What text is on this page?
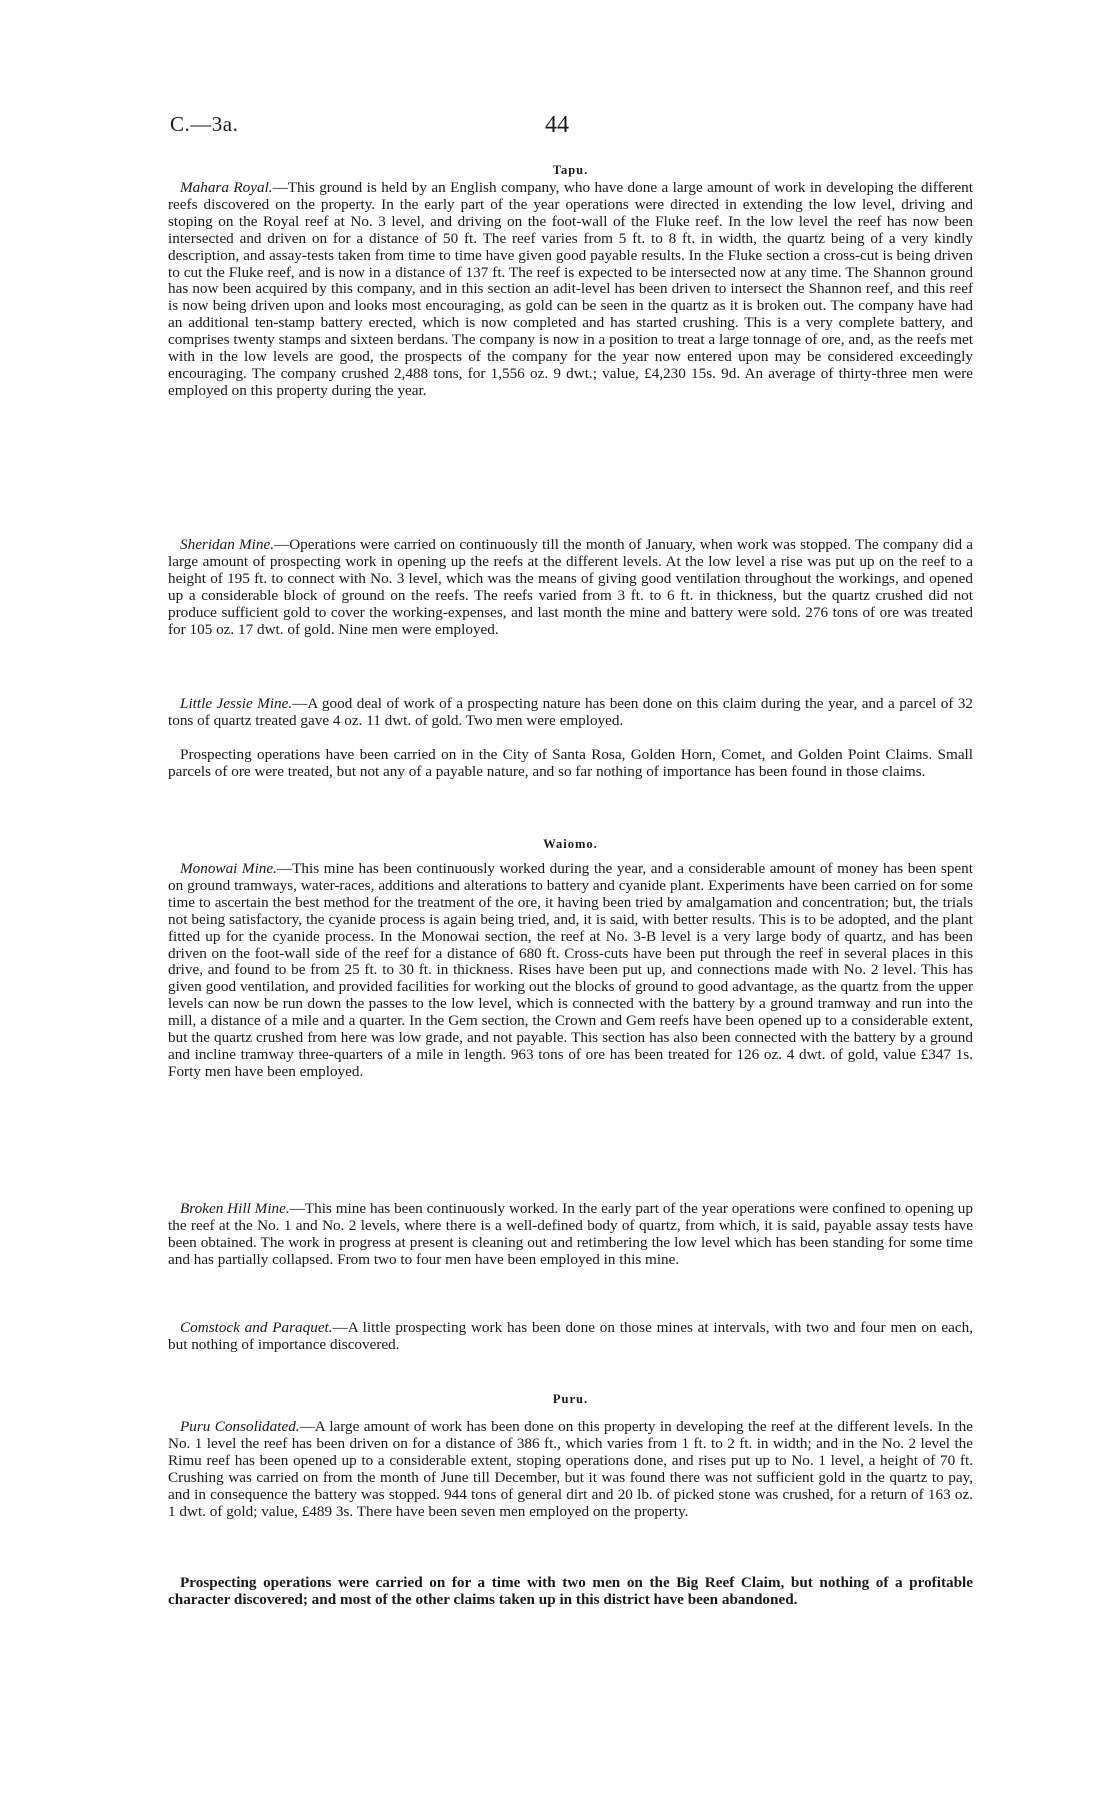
C.—3a.	44
Tapu.

Mahara Royal.—This ground is held by an English company, who have done a large amount of work in developing the different reefs discovered on the property. In the early part of the year operations were directed in extending the low level, driving and stoping on the Royal reef at No. 3 level, and driving on the foot-wall of the Fluke reef. In the low level the reef has now been intersected and driven on for a distance of 50 ft. The reef varies from 5 ft. to 8 ft. in width, the quartz being of a very kindly description, and assay-tests taken from time to time have given good payable results. In the Fluke section a cross-cut is being driven to cut the Fluke reef, and is now in a distance of 137 ft. The reef is expected to be intersected now at any time. The Shannon ground has now been acquired by this company, and in this section an adit-level has been driven to intersect the Shannon reef, and this reef is now being driven upon and looks most encouraging, as gold can be seen in the quartz as it is broken out. The company have had an additional ten-stamp battery erected, which is now completed and has started crushing. This is a very complete battery, and comprises twenty stamps and sixteen berdans. The company is now in a position to treat a large tonnage of ore, and, as the reefs met with in the low levels are good, the prospects of the company for the year now entered upon may be considered exceedingly encouraging. The company crushed 2,488 tons, for 1,556 oz. 9 dwt.; value, £4,230 15s. 9d. An average of thirty-three men were employed on this property during the year.

Sheridan Mine.—Operations were carried on continuously till the month of January, when work was stopped. The company did a large amount of prospecting work in opening up the reefs at the different levels. At the low level a rise was put up on the reef to a height of 195 ft. to connect with No. 3 level, which was the means of giving good ventilation throughout the workings, and opened up a considerable block of ground on the reefs. The reefs varied from 3 ft. to 6 ft. in thickness, but the quartz crushed did not produce sufficient gold to cover the working-expenses, and last month the mine and battery were sold. 276 tons of ore was treated for 105 oz. 17 dwt. of gold. Nine men were employed.

Little Jessie Mine.—A good deal of work of a prospecting nature has been done on this claim during the year, and a parcel of 32 tons of quartz treated gave 4 oz. 11 dwt. of gold. Two men were employed.

Prospecting operations have been carried on in the City of Santa Rosa, Golden Horn, Comet, and Golden Point Claims. Small parcels of ore were treated, but not any of a payable nature, and so far nothing of importance has been found in those claims.

Waiomo.

Monowai Mine.—This mine has been continuously worked during the year, and a considerable amount of money has been spent on ground tramways, water-races, additions and alterations to battery and cyanide plant. Experiments have been carried on for some time to ascertain the best method for the treatment of the ore, it having been tried by amalgamation and concentration; but, the trials not being satisfactory, the cyanide process is again being tried, and, it is said, with better results. This is to be adopted, and the plant fitted up for the cyanide process. In the Monowai section, the reef at No. 3-B level is a very large body of quartz, and has been driven on the foot-wall side of the reef for a distance of 680 ft. Cross-cuts have been put through the reef in several places in this drive, and found to be from 25 ft. to 30 ft. in thickness. Rises have been put up, and connections made with No. 2 level. This has given good ventilation, and provided facilities for working out the blocks of ground to good advantage, as the quartz from the upper levels can now be run down the passes to the low level, which is connected with the battery by a ground tramway and run into the mill, a distance of a mile and a quarter. In the Gem section, the Crown and Gem reefs have been opened up to a considerable extent, but the quartz crushed from here was low grade, and not payable. This section has also been connected with the battery by a ground and incline tramway three-quarters of a mile in length. 963 tons of ore has been treated for 126 oz. 4 dwt. of gold, value £347 1s. Forty men have been employed.

Broken Hill Mine.—This mine has been continuously worked. In the early part of the year operations were confined to opening up the reef at the No. 1 and No. 2 levels, where there is a well-defined body of quartz, from which, it is said, payable assay tests have been obtained. The work in progress at present is cleaning out and retimbering the low level which has been standing for some time and has partially collapsed. From two to four men have been employed in this mine.

Comstock and Paraquet.—A little prospecting work has been done on those mines at intervals, with two and four men on each, but nothing of importance discovered.

Puru.

Puru Consolidated.—A large amount of work has been done on this property in developing the reef at the different levels. In the No. 1 level the reef has been driven on for a distance of 386 ft., which varies from 1 ft. to 2 ft. in width; and in the No. 2 level the Rimu reef has been opened up to a considerable extent, stoping operations done, and rises put up to No. 1 level, a height of 70 ft. Crushing was carried on from the month of June till December, but it was found there was not sufficient gold in the quartz to pay, and in consequence the battery was stopped. 944 tons of general dirt and 20 lb. of picked stone was crushed, for a return of 163 oz. 1 dwt. of gold; value, £489 3s. There have been seven men employed on the property.

Prospecting operations were carried on for a time with two men on the Big Reef Claim, but nothing of a profitable character discovered; and most of the other claims taken up in this district have been abandoned.
